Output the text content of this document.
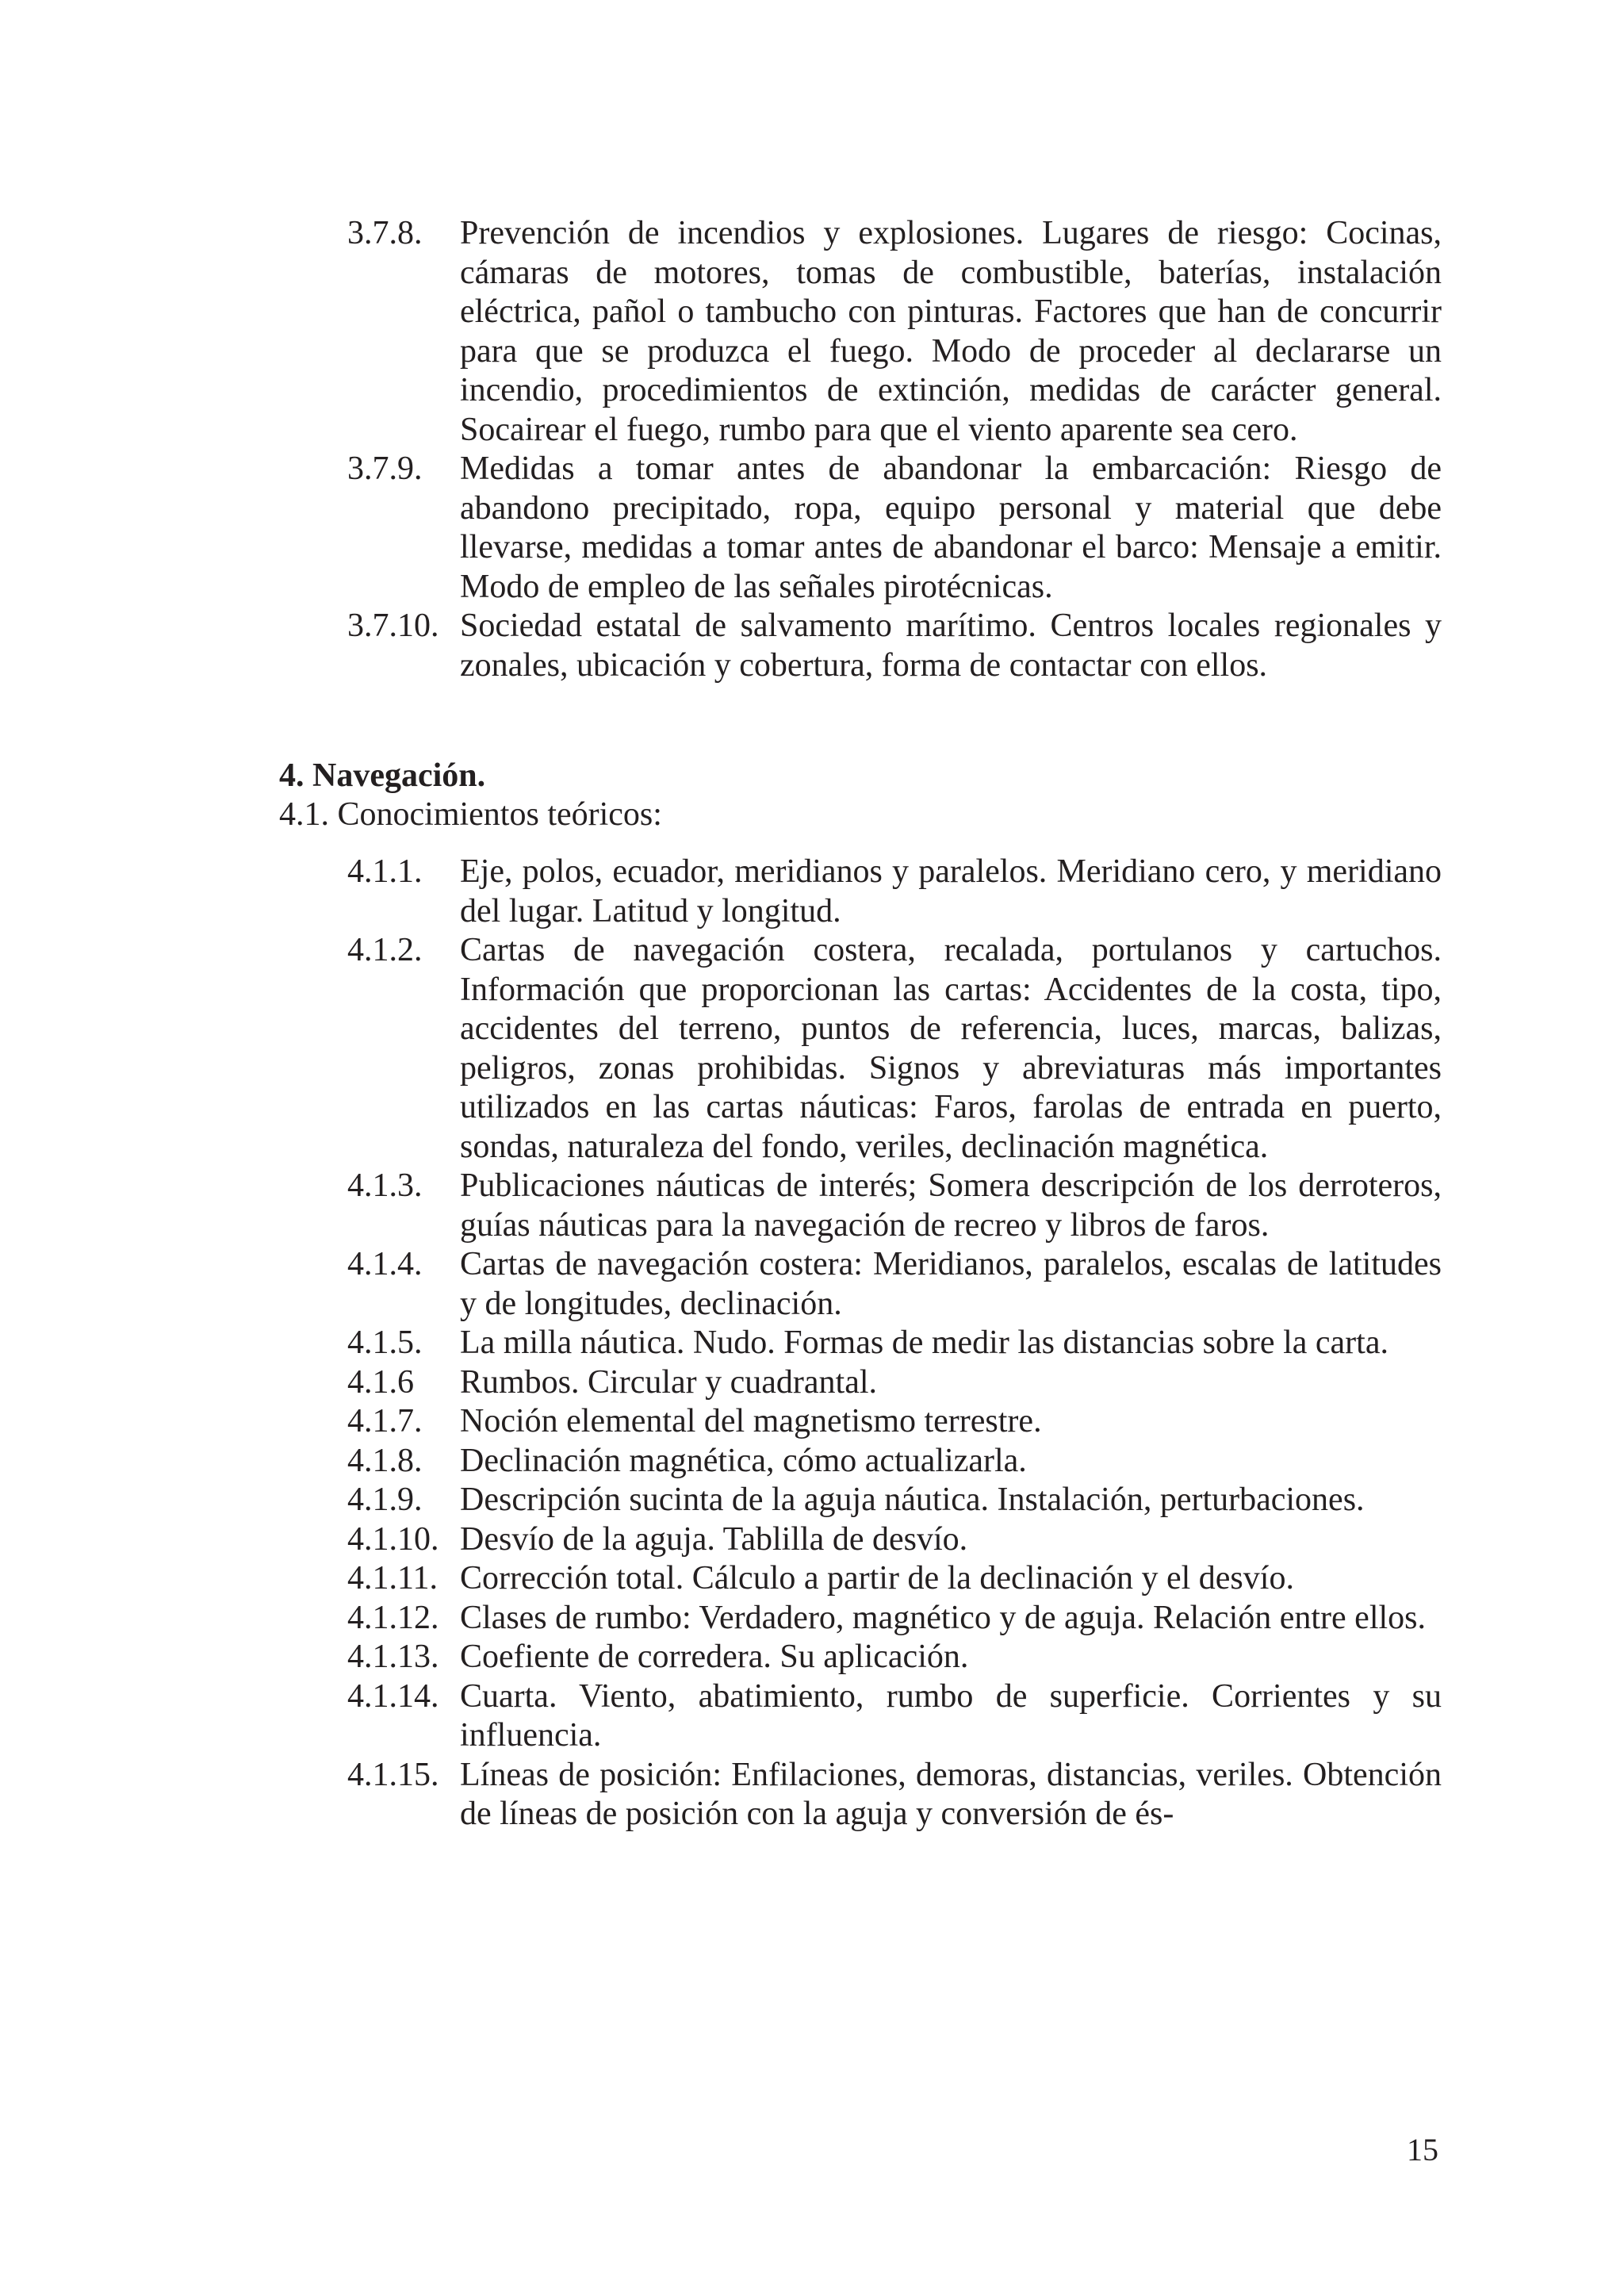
3.7.8.	Prevención de incendios y explosiones. Lugares de riesgo: Cocinas, cámaras de motores, tomas de combustible, baterías, instalación eléctrica, pañol o tambucho con pinturas. Factores que han de concurrir para que se produzca el fuego. Modo de proceder al declararse un incendio, procedimientos de extinción, medidas de carácter general. Socairear el fuego, rumbo para que el viento aparente sea cero.
3.7.9.	Medidas a tomar antes de abandonar la embarcación: Riesgo de abandono precipitado, ropa, equipo personal y material que debe llevarse, medidas a tomar antes de abandonar el barco: Mensaje a emitir. Modo de empleo de las señales pirotécnicas.
3.7.10. Sociedad estatal de salvamento marítimo. Centros locales regionales y zonales, ubicación y cobertura, forma de contactar con ellos.
4. Navegación.
4.1. Conocimientos teóricos:
4.1.1.	Eje, polos, ecuador, meridianos y paralelos. Meridiano cero, y meridiano del lugar. Latitud y longitud.
4.1.2.	Cartas de navegación costera, recalada, portulanos y cartuchos. Información que proporcionan las cartas: Accidentes de la costa, tipo, accidentes del terreno, puntos de referencia, luces, marcas, balizas, peligros, zonas prohibidas. Signos y abreviaturas más importantes utilizados en las cartas náuticas: Faros, farolas de entrada en puerto, sondas, naturaleza del fondo, veriles, declinación magnética.
4.1.3.	Publicaciones náuticas de interés; Somera descripción de los derroteros, guías náuticas para la navegación de recreo y libros de faros.
4.1.4.	Cartas de navegación costera: Meridianos, paralelos, escalas de latitudes y de longitudes, declinación.
4.1.5.	La milla náutica. Nudo. Formas de medir las distancias sobre la carta.
4.1.6	Rumbos. Circular y cuadrantal.
4.1.7.	Noción elemental del magnetismo terrestre.
4.1.8.	Declinación magnética, cómo actualizarla.
4.1.9.	Descripción sucinta de la aguja náutica. Instalación, perturbaciones.
4.1.10. Desvío de la aguja. Tablilla de desvío.
4.1.11. Corrección total. Cálculo a partir de la declinación y el desvío.
4.1.12. Clases de rumbo: Verdadero, magnético y de aguja. Relación entre ellos.
4.1.13. Coefiente de corredera. Su aplicación.
4.1.14. Cuarta. Viento, abatimiento, rumbo de superficie. Corrientes y su influencia.
4.1.15. Líneas de posición: Enfilaciones, demoras, distancias, veriles. Obtención de líneas de posición con la aguja y conversión de és-
15
